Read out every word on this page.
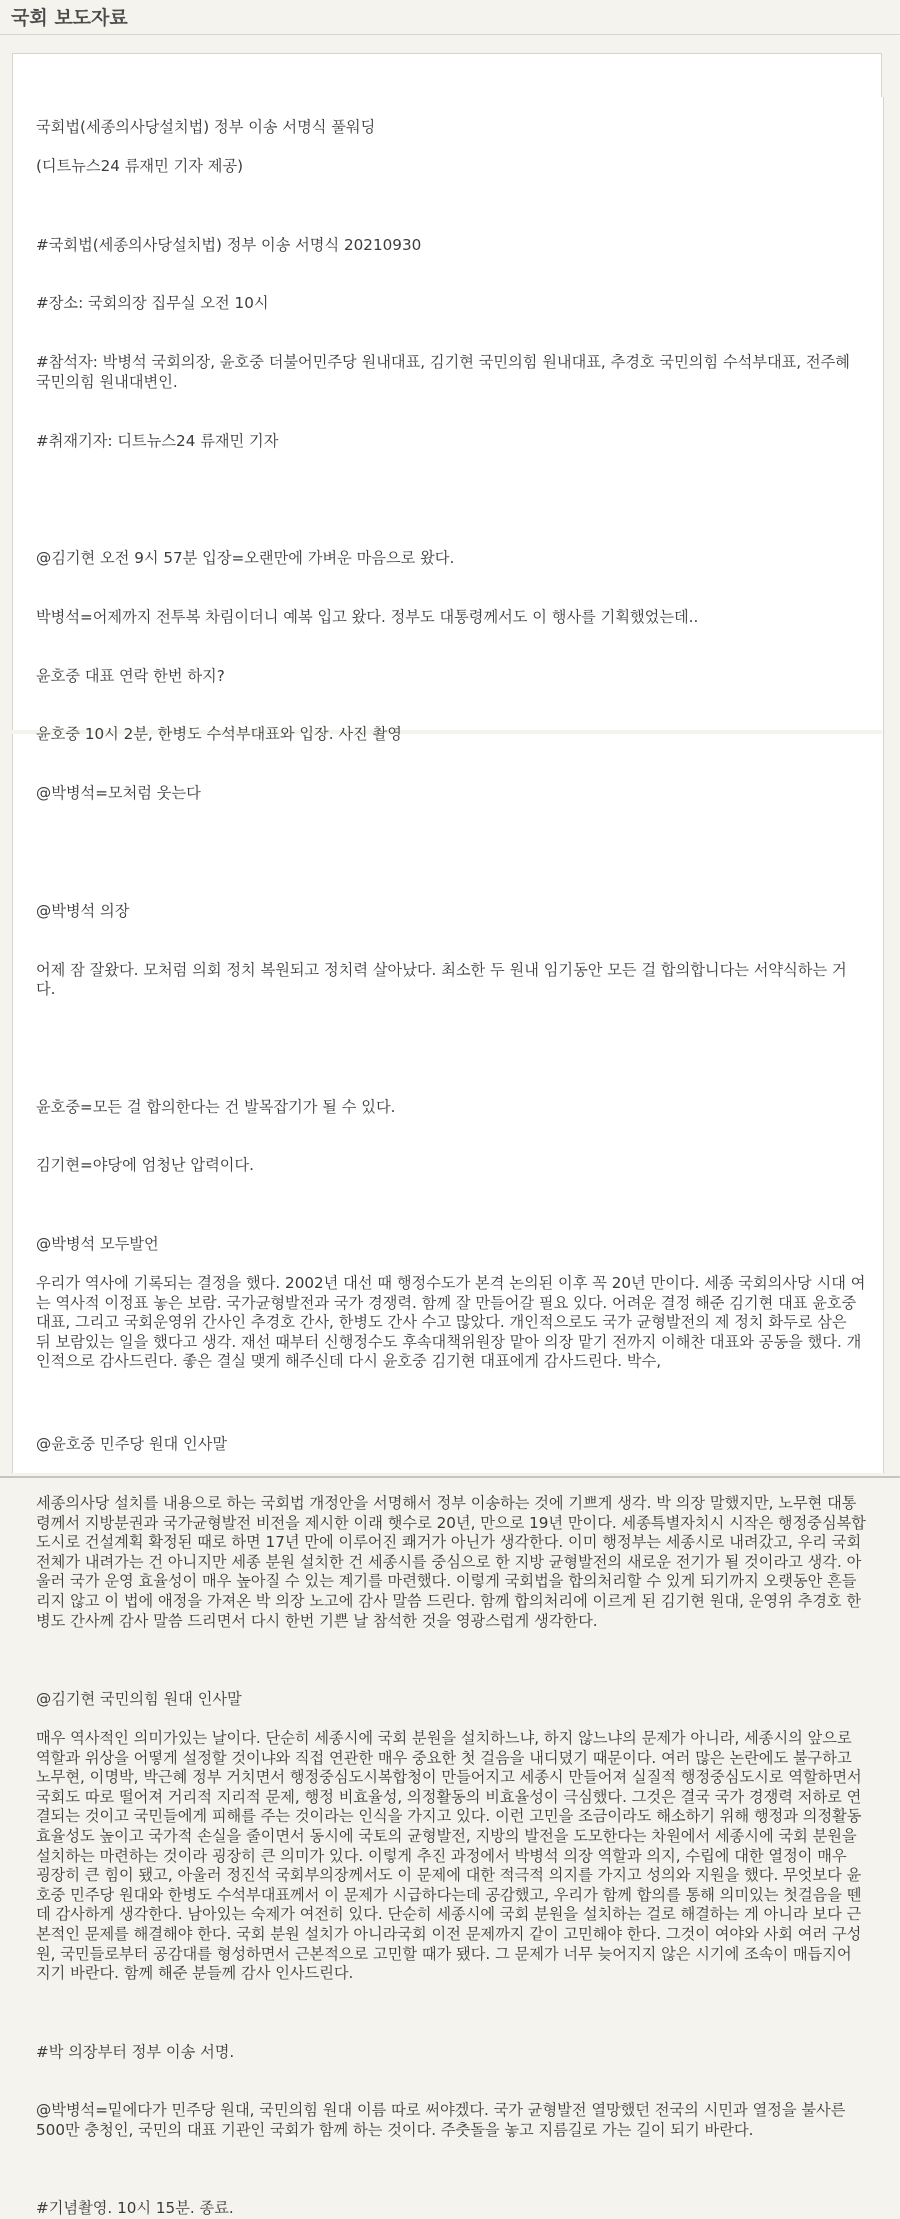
국회 보도자료

국회법(세종의사당설치법) 정부 이송 서명식 풀워딩

(디트뉴스24 류재민 기자 제공)

#국회법(세종의사당설치법) 정부 이송 서명식 20210930

#장소: 국회의장 집무실 오전 10시

#참석자: 박병석 국회의장, 윤호중 더불어민주당 원내대표, 김기현 국민의힘 원내대표, 추경호 국민의힘 수석부대표, 전주혜 국민의힘 원내대변인.

#취재기자: 디트뉴스24 류재민 기자

@김기현 오전 9시 57분 입장=오랜만에 가벼운 마음으로 왔다.

박병석=어제까지 전투복 차림이더니 예복 입고 왔다. 정부도 대통령께서도 이 행사를 기획했었는데..

윤호중 대표 연락 한번 하지?

윤호중 10시 2분, 한병도 수석부대표와 입장. 사진 촬영

@박병석=모처럼 웃는다

@박병석 의장

어제 잠 잘왔다. 모처럼 의회 정치 복원되고 정치력 살아났다. 최소한 두 원내 임기동안 모든 걸 합의합니다는 서약식하는 거다.

윤호중=모든 걸 합의한다는 건 발목잡기가 될 수 있다.

김기현=야당에 엄청난 압력이다.

@박병석 모두발언

우리가 역사에 기록되는 결정을 했다. 2002년 대선 때 행정수도가 본격 논의된 이후 꼭 20년 만이다. 세종 국회의사당 시대 여는 역사적 이정표 놓은 보람. 국가균형발전과 국가 경쟁력. 함께 잘 만들어갈 필요 있다. 어려운 결정 해준 김기현 대표 윤호중 대표, 그리고 국회운영위 간사인 추경호 간사, 한병도 간사 수고 많았다. 개인적으로도 국가 균형발전의 제 정치 화두로 삼은 뒤 보람있는 일을 했다고 생각. 재선 때부터 신행정수도 후속대책위원장 맡아 의장 맡기 전까지 이해찬 대표와 공동을 했다. 개인적으로 감사드린다. 좋은 결실 맺게 해주신데 다시 윤호중 김기현 대표에게 감사드린다. 박수,

@윤호중 민주당 원대 인사말

세종의사당 설치를 내용으로 하는 국회법 개정안을 서명해서 정부 이송하는 것에 기쁘게 생각. 박 의장 말했지만, 노무현 대통령께서 지방분권과 국가균형발전 비전을 제시한 이래 햇수로 20년, 만으로 19년 만이다. 세종특별자치시 시작은 행정중심복합도시로 건설계획 확정된 때로 하면 17년 만에 이루어진 쾌거가 아닌가 생각한다. 이미 행정부는 세종시로 내려갔고, 우리 국회 전체가 내려가는 건 아니지만 세종 분원 설치한 건 세종시를 중심으로 한 지방 균형발전의 새로운 전기가 될 것이라고 생각. 아울러 국가 운영 효율성이 매우 높아질 수 있는 계기를 마련했다. 이렇게 국회법을 합의처리할 수 있게 되기까지 오랫동안 흔들리지 않고 이 법에 애정을 가져온 박 의장 노고에 감사 말씀 드린다. 함께 합의처리에 이르게 된 김기현 원대, 운영위 추경호 한병도 간사께 감사 말씀 드리면서 다시 한번 기쁜 날 참석한 것을 영광스럽게 생각한다.

@김기현 국민의힘 원대 인사말

매우 역사적인 의미가있는 날이다. 단순히 세종시에 국회 분원을 설치하느냐, 하지 않느냐의 문제가 아니라, 세종시의 앞으로 역할과 위상을 어떻게 설정할 것이냐와 직접 연관한 매우 중요한 첫 걸음을 내디뎠기 때문이다. 여러 많은 논란에도 불구하고 노무현, 이명박, 박근혜 정부 거치면서 행정중심도시복합청이 만들어지고 세종시 만들어져 실질적 행정중심도시로 역할하면서 국회도 따로 떨어져 거리적 지리적 문제, 행정 비효율성, 의정활동의 비효율성이 극심했다. 그것은 결국 국가 경쟁력 저하로 연결되는 것이고 국민들에게 피해를 주는 것이라는 인식을 가지고 있다. 이런 고민을 조금이라도 해소하기 위해 행정과 의정활동 효율성도 높이고 국가적 손실을 줄이면서 동시에 국토의 균형발전, 지방의 발전을 도모한다는 차원에서 세종시에 국회 분원을 설치하는 마련하는 것이라 굉장히 큰 의미가 있다. 이렇게 추진 과정에서 박병석 의장 역할과 의지, 수립에 대한 열정이 매우 굉장히 큰 힘이 됐고, 아울러 정진석 국회부의장께서도 이 문제에 대한 적극적 의지를 가지고 성의와 지원을 했다. 무엇보다 윤호중 민주당 원대와 한병도 수석부대표께서 이 문제가 시급하다는데 공감했고, 우리가 함께 합의를 통해 의미있는 첫걸음을 뗀데 감사하게 생각한다. 남아있는 숙제가 여전히 있다. 단순히 세종시에 국회 분원을 설치하는 걸로 해결하는 게 아니라 보다 근본적인 문제를 해결해야 한다. 국회 분원 설치가 아니라국회 이전 문제까지 같이 고민해야 한다. 그것이 여야와 사회 여러 구성원, 국민들로부터 공감대를 형성하면서 근본적으로 고민할 때가 됐다. 그 문제가 너무 늦어지지 않은 시기에 조속이 매듭지어지기 바란다. 함께 해준 분들께 감사 인사드린다.

#박 의장부터 정부 이송 서명.

@박병석=밑에다가 민주당 원대, 국민의힘 원대 이름 따로 써야겠다. 국가 균형발전 열망했던 전국의 시민과 열정을 불사른 500만 충청인, 국민의 대표 기관인 국회가 함께 하는 것이다. 주춧돌을 놓고 지름길로 가는 길이 되기 바란다.

#기념촬영. 10시 15분. 종료.
